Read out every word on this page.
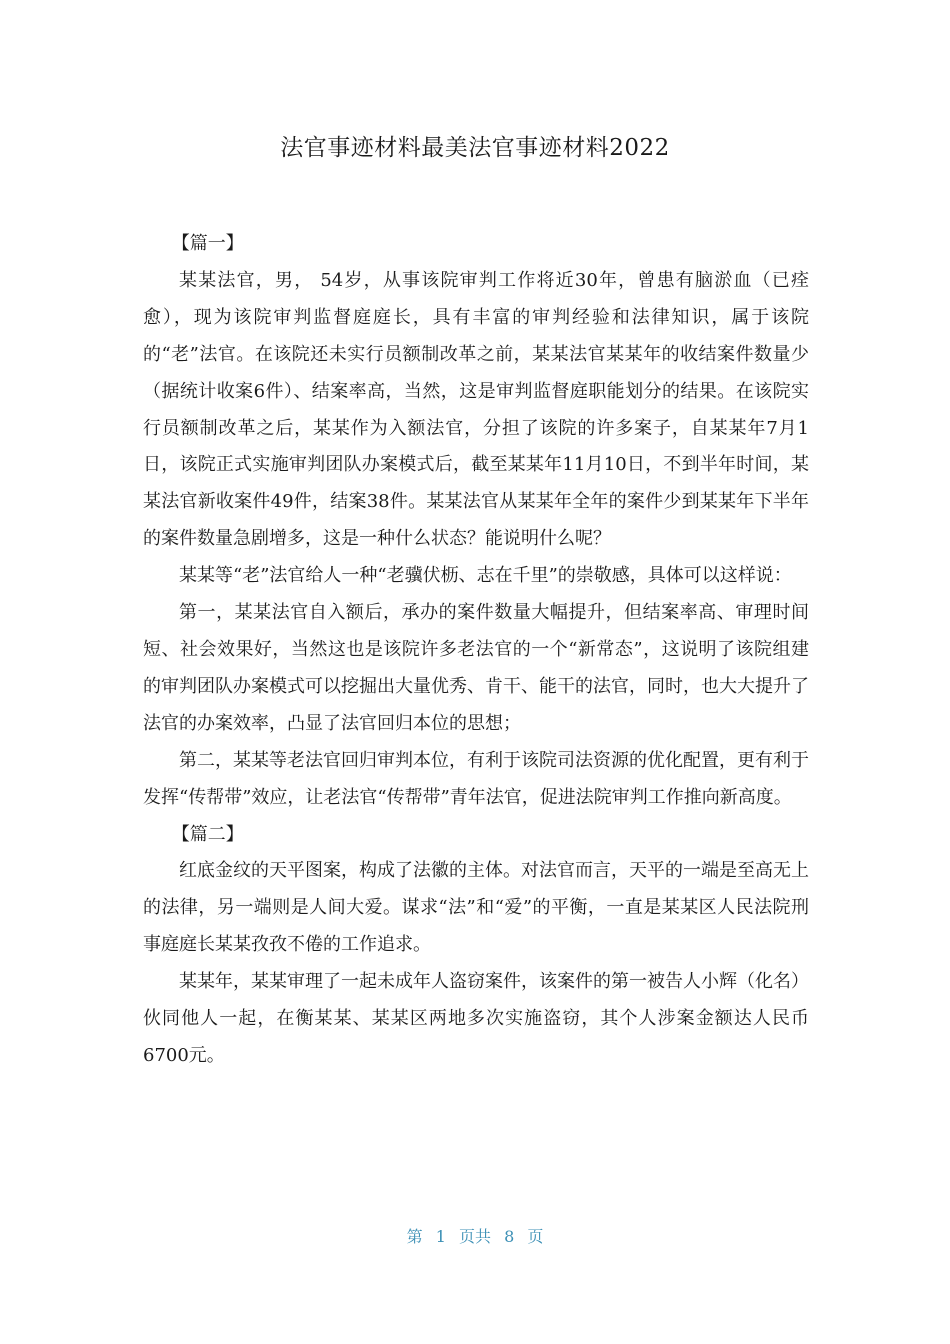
法官事迹材料最美法官事迹材料2022

【篇一】

某某法官，男， 54岁，从事该院审判工作将近30年，曾患有脑淤血（已痊愈），现为该院审判监督庭庭长，具有丰富的审判经验和法律知识，属于该院的“老”法官。在该院还未实行员额制改革之前，某某法官某某年的收结案件数量少（据统计收案6件）、结案率高，当然，这是审判监督庭职能划分的结果。在该院实行员额制改革之后，某某作为入额法官，分担了该院的许多案子，自某某年7月1日，该院正式实施审判团队办案模式后，截至某某年11月10日，不到半年时间，某某法官新收案件49件，结案38件。某某法官从某某年全年的案件少到某某年下半年的案件数量急剧增多，这是一种什么状态？能说明什么呢？

某某等“老”法官给人一种“老骥伏枥、志在千里”的崇敬感，具体可以这样说：

第一，某某法官自入额后，承办的案件数量大幅提升，但结案率高、审理时间短、社会效果好，当然这也是该院许多老法官的一个“新常态”，这说明了该院组建的审判团队办案模式可以挖掘出大量优秀、肯干、能干的法官，同时，也大大提升了法官的办案效率，凸显了法官回归本位的思想；

第二，某某等老法官回归审判本位，有利于该院司法资源的优化配置，更有利于发挥“传帮带”效应，让老法官“传帮带”青年法官，促进法院审判工作推向新高度。

【篇二】

红底金纹的天平图案，构成了法徽的主体。对法官而言，天平的一端是至高无上的法律，另一端则是人间大爱。谋求“法”和“爱”的平衡，一直是某某区人民法院刑事庭庭长某某孜孜不倦的工作追求。

某某年，某某审理了一起未成年人盗窃案件，该案件的第一被告人小辉（化名）伙同他人一起，在衡某某、某某区两地多次实施盗窃，其个人涉案金额达人民币6700元。

第 1 页共 8 页
